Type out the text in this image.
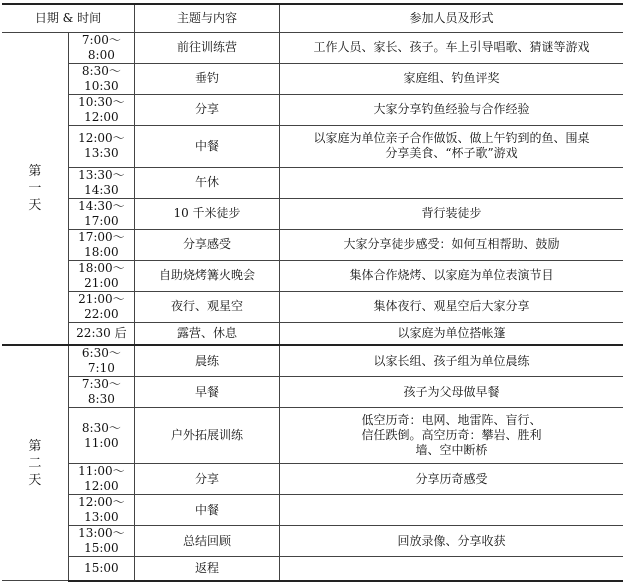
日期 & 时间		主题与内容	参加人员及形式
第一天	7:00～8:00	前往训练营	工作人员、家长、孩子。车上引导唱歌、猜谜等游戏
	8:30～10:30	垂钓	家庭组、钓鱼评奖
	10:30～12:00	分享	大家分享钓鱼经验与合作经验
	12:00～13:30	中餐	以家庭为单位亲子合作做饭、做上午钓到的鱼、围桌分享美食、“杯子歌”游戏
	13:30～14:30	午休	
	14:30～17:00	10 千米徒步	背行装徒步
	17:00～18:00	分享感受	大家分享徒步感受：如何互相帮助、鼓励
	18:00～21:00	自助烧烤篝火晚会	集体合作烧烤、以家庭为单位表演节目
	21:00～22:00	夜行、观星空	集体夜行、观星空后大家分享
	22:30 后	露营、休息	以家庭为单位搭帐篷
第二天	6:30～7:10	晨练	以家长组、孩子组为单位晨练
	7:30～8:30	早餐	孩子为父母做早餐
	8:30～11:00	户外拓展训练	低空历奇：电网、地雷阵、盲行、信任跌倒。高空历奇：攀岩、胜利墙、空中断桥
	11:00～12:00	分享	分享历奇感受
	12:00～13:00	中餐	
	13:00～15:00	总结回顾	回放录像、分享收获
	15:00	返程	
